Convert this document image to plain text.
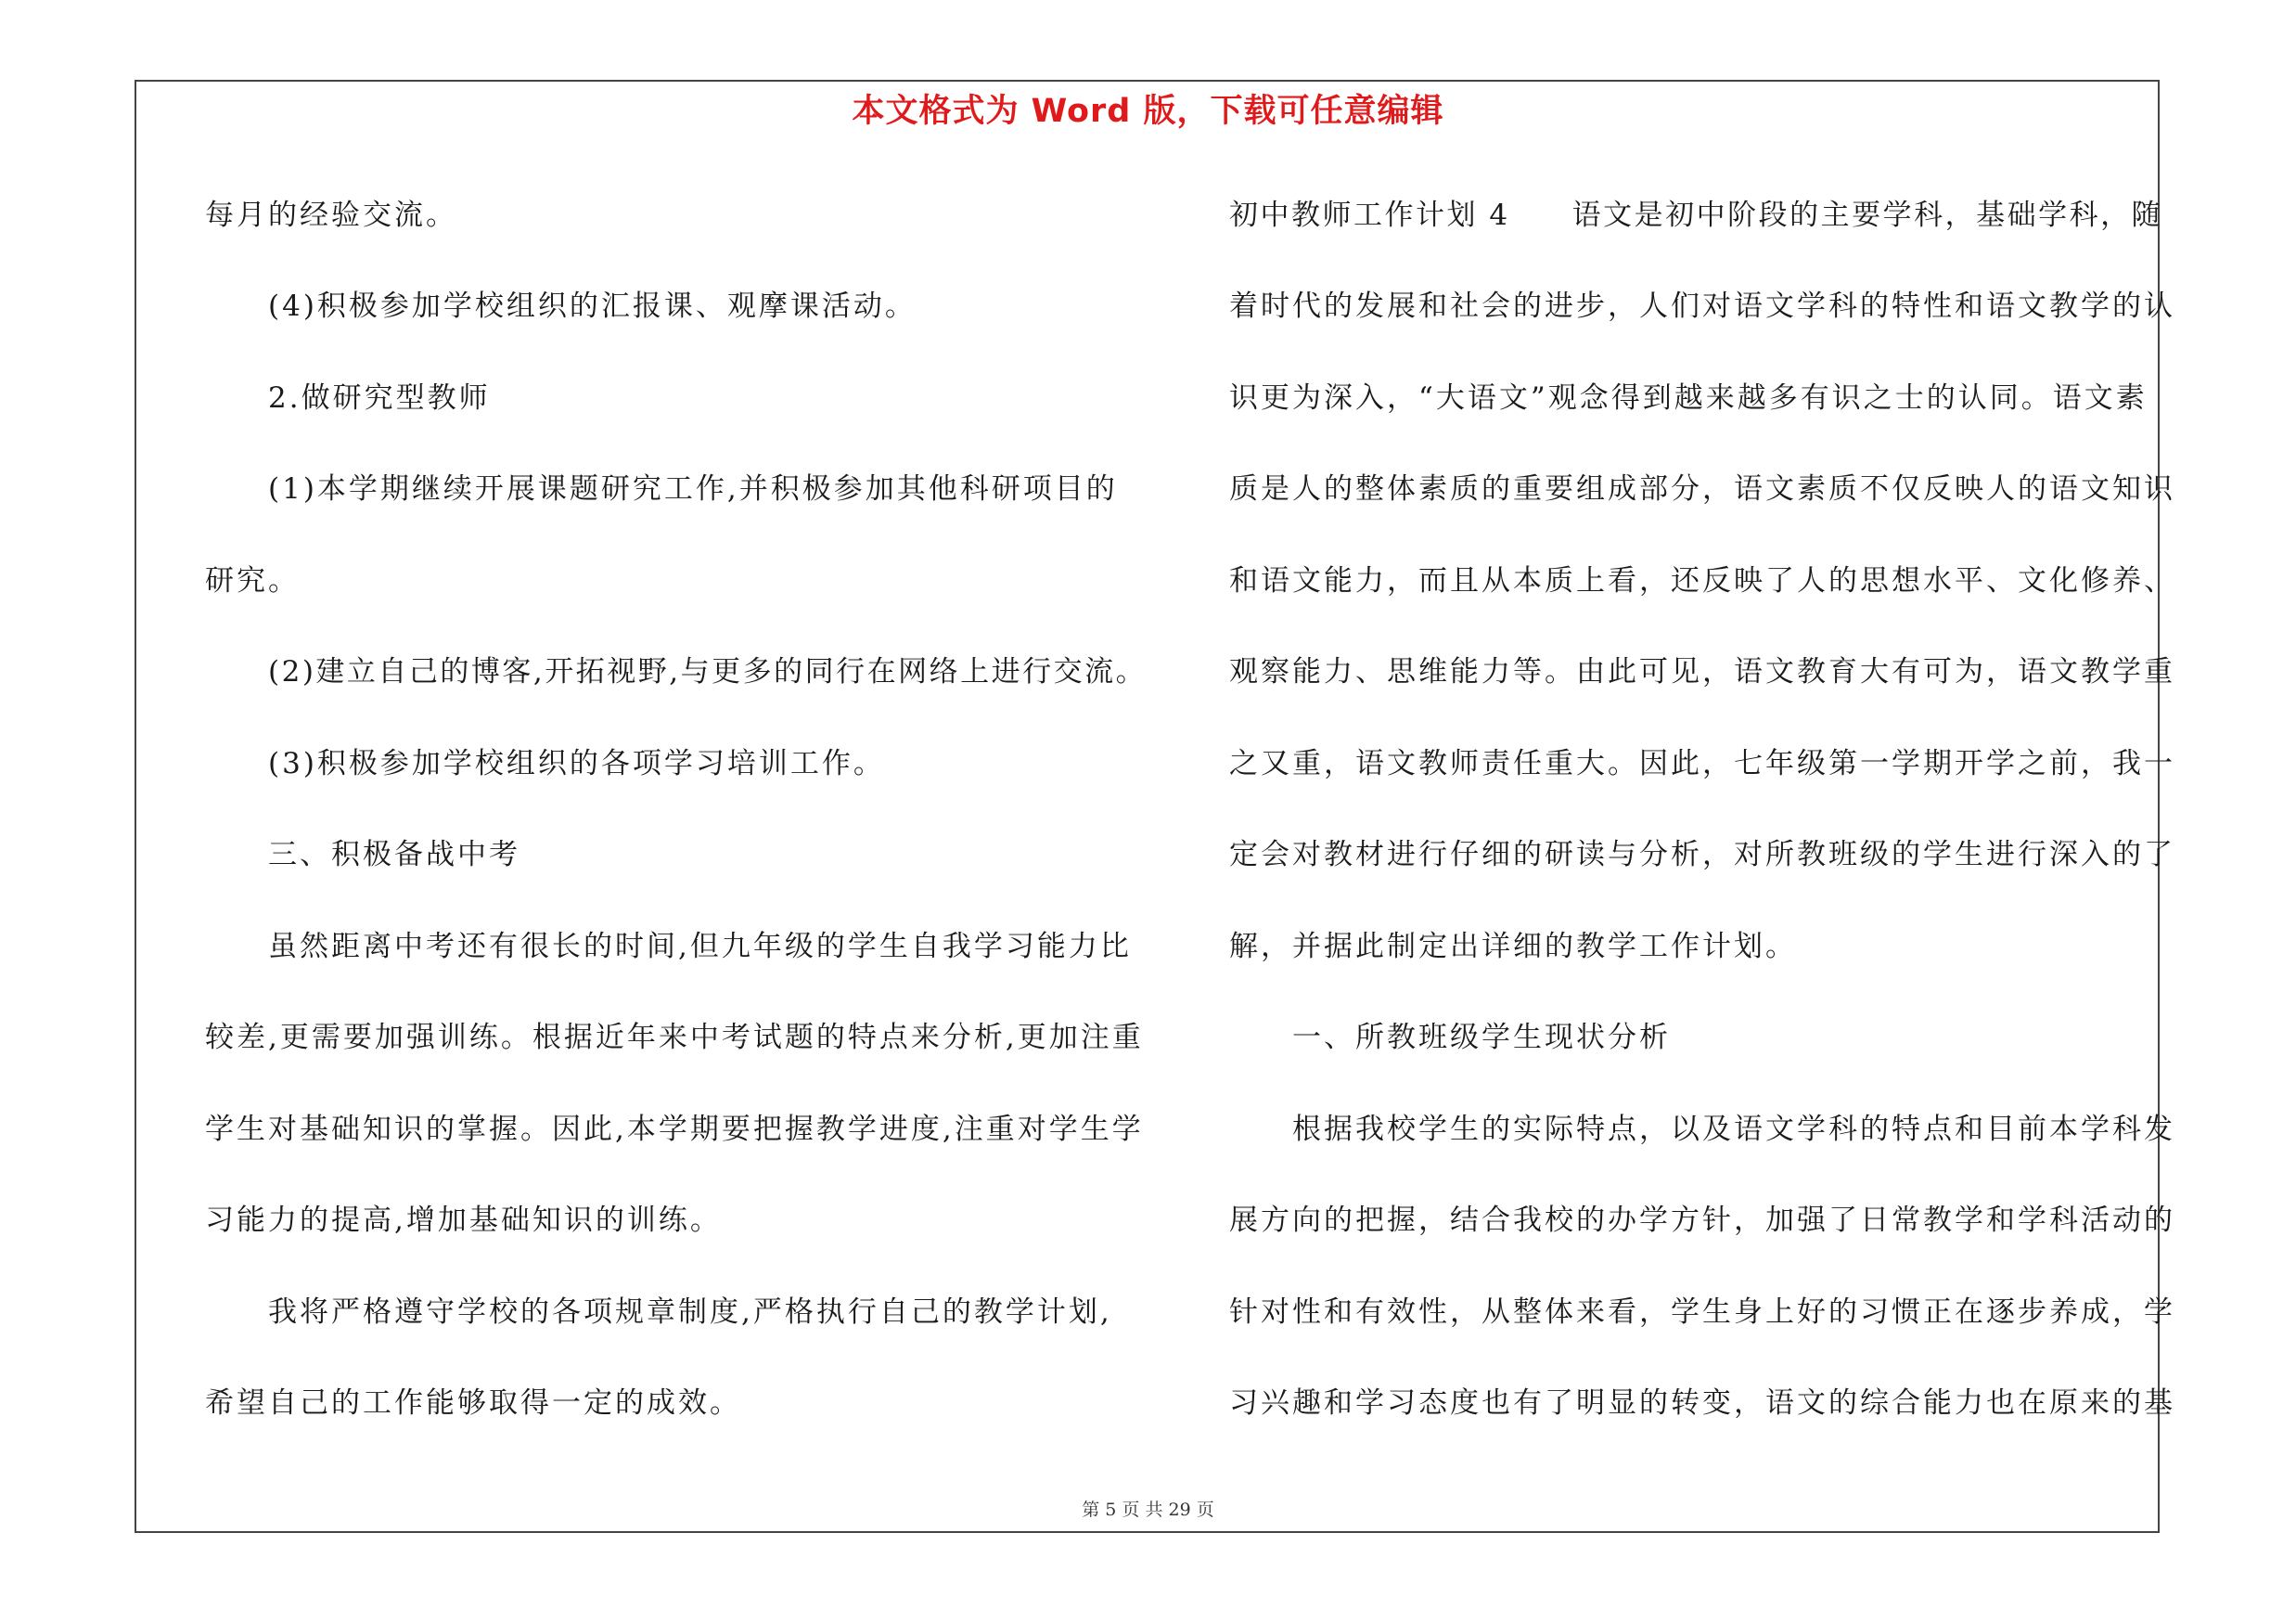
本文格式为 Word 版，下载可任意编辑
每月的经验交流。
(4)积极参加学校组织的汇报课、观摩课活动。
2.做研究型教师
(1)本学期继续开展课题研究工作,并积极参加其他科研项目的
研究。
(2)建立自己的博客,开拓视野,与更多的同行在网络上进行交流。
(3)积极参加学校组织的各项学习培训工作。
三、积极备战中考
虽然距离中考还有很长的时间,但九年级的学生自我学习能力比
较差,更需要加强训练。根据近年来中考试题的特点来分析,更加注重
学生对基础知识的掌握。因此,本学期要把握教学进度,注重对学生学
习能力的提高,增加基础知识的训练。
我将严格遵守学校的各项规章制度,严格执行自己的教学计划,
希望自己的工作能够取得一定的成效。
初中教师工作计划 4　　语文是初中阶段的主要学科，基础学科，随
着时代的发展和社会的进步，人们对语文学科的特性和语文教学的认
识更为深入，“大语文”观念得到越来越多有识之士的认同。语文素
质是人的整体素质的重要组成部分，语文素质不仅反映人的语文知识
和语文能力，而且从本质上看，还反映了人的思想水平、文化修养、
观察能力、思维能力等。由此可见，语文教育大有可为，语文教学重
之又重，语文教师责任重大。因此，七年级第一学期开学之前，我一
定会对教材进行仔细的研读与分析，对所教班级的学生进行深入的了
解，并据此制定出详细的教学工作计划。
一、所教班级学生现状分析
根据我校学生的实际特点，以及语文学科的特点和目前本学科发
展方向的把握，结合我校的办学方针，加强了日常教学和学科活动的
针对性和有效性，从整体来看，学生身上好的习惯正在逐步养成，学
习兴趣和学习态度也有了明显的转变，语文的综合能力也在原来的基
第 5 页 共 29 页
